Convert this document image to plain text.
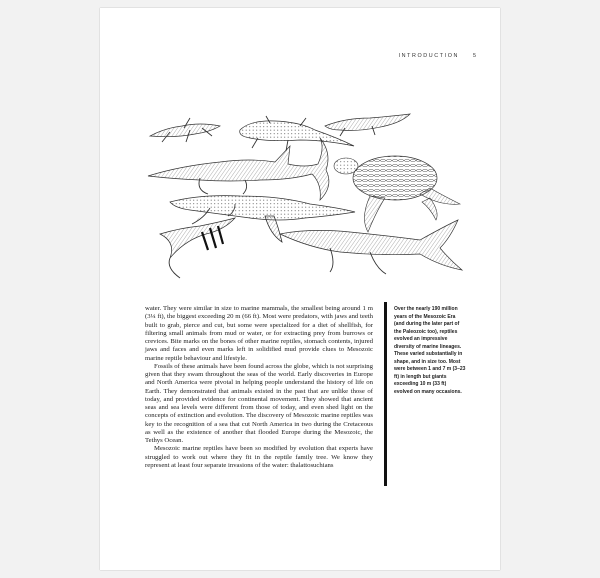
INTRODUCTION	5

water. They were similar in size to marine mammals, the smallest being around 1 m (3¼ ft), the biggest exceeding 20 m (66 ft). Most were predators, with jaws and teeth built to grab, pierce and cut, but some were specialized for a diet of shellfish, for filtering small animals from mud or water, or for extracting prey from burrows or crevices. Bite marks on the bones of other marine reptiles, stomach contents, injured jaws and faces and even marks left in solidified mud provide clues to Mesozoic marine reptile behaviour and lifestyle.

Fossils of these animals have been found across the globe, which is not surprising given that they swam throughout the seas of the world. Early discoveries in Europe and North America were pivotal in helping people understand the history of life on Earth. They demonstrated that animals existed in the past that are unlike those of today, and provided evidence for continental movement. They showed that ancient seas and sea levels were different from those of today, and even shed light on the concepts of extinction and evolution. The discovery of Mesozoic marine reptiles was key to the recognition of a sea that cut North America in two during the Cretaceous as well as the existence of another that flooded Europe during the Mesozoic, the Tethys Ocean.

Mesozoic marine reptiles have been so modified by evolution that experts have struggled to work out where they fit in the reptile family tree. We know they represent at least four separate invasions of the water: thalattosuchians

Over the nearly 190 million years of the Mesozoic Era (and during the later part of the Paleozoic too), reptiles evolved an impressive diversity of marine lineages. These varied substantially in shape, and in size too. Most were between 1 and 7 m (3–23 ft) in length but giants exceeding 10 m (33 ft) evolved on many occasions.
